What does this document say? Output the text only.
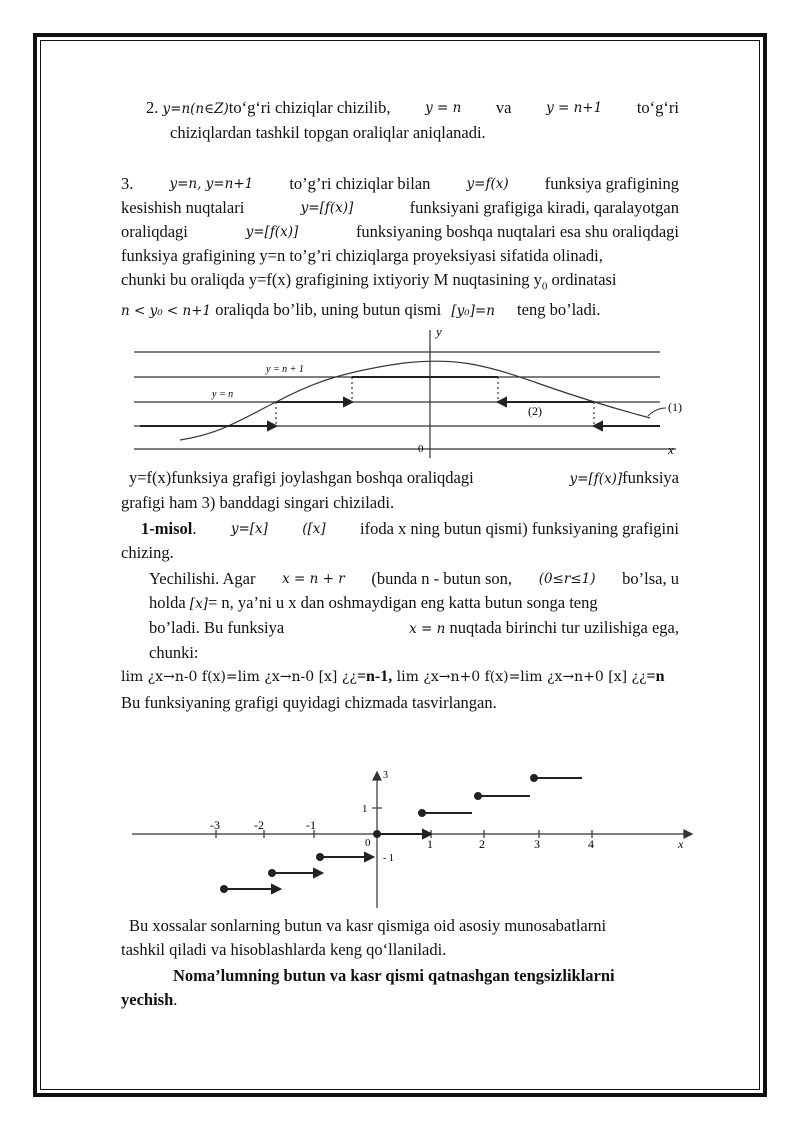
2. y=n(n∈Z)to‘g‘ri chiziqlar chizilib,	y = n va	y = n+1 to‘g‘ri
chiziqlardan tashkil topgan oraliqlar aniqlanadi.
3.	y=n, y=n+1 to’g’ri chiziqlar bilan	y=f(x) funksiya grafigining
kesishish nuqtalari	y=[f(x)]	funksiyani grafigiga kiradi, qaralayotgan
oraliqdagi	y=[f(x)]	funksiyaning boshqa nuqtalari esa shu oraliqdagi
funksiya grafigining y=n to’g’ri chiziqlarga proyeksiyasi sifatida olinadi,
chunki bu oraliqda y=f(x) grafigining ixtiyoriy M nuqtasining $y_0$ ordinatasi
n < y₀ < n+1 oraliqda bo’lib, uning butun qismi [y₀]=n teng bo’ladi.
y
x
0
y = n + 1
y = n
(2)	(1)
y=f(x)funksiya grafigi joylashgan boshqa oraliqdagi	y=[f(x)]funksiya
grafigi ham 3) banddagi singari chiziladi.
1-misol.	y=[x]	([x] ifoda x ning butun qismi) funksiyaning grafigini
chizing.
Yechilishi. Agar x = n + r (bunda n - butun son, (0≤r≤1) bo’lsa, u
holda [x]= n, ya’ni u x dan oshmaydigan eng katta butun songa teng
bo’ladi. Bu funksiya	x = n nuqtada birinchi tur uzilishiga ega,
chunki:
lim ¿x→n-0 f(x)=lim ¿x→n-0 [x] ¿¿=n-1, lim ¿x→n+0 f(x)=lim ¿x→n+0 [x] ¿¿=n
Bu funksiyaning grafigi quyidagi chizmada tasvirlangan.
-3	-2	-1
1	2	3	4
3
1
- 1
0	x
Bu xossalar sonlarning butun va kasr qismiga oid asosiy munosabatlarni
tashkil qiladi va hisoblashlarda keng qo‘llaniladi.
Noma’lumning butun va kasr qismi qatnashgan tengsizliklarni
yechish.
